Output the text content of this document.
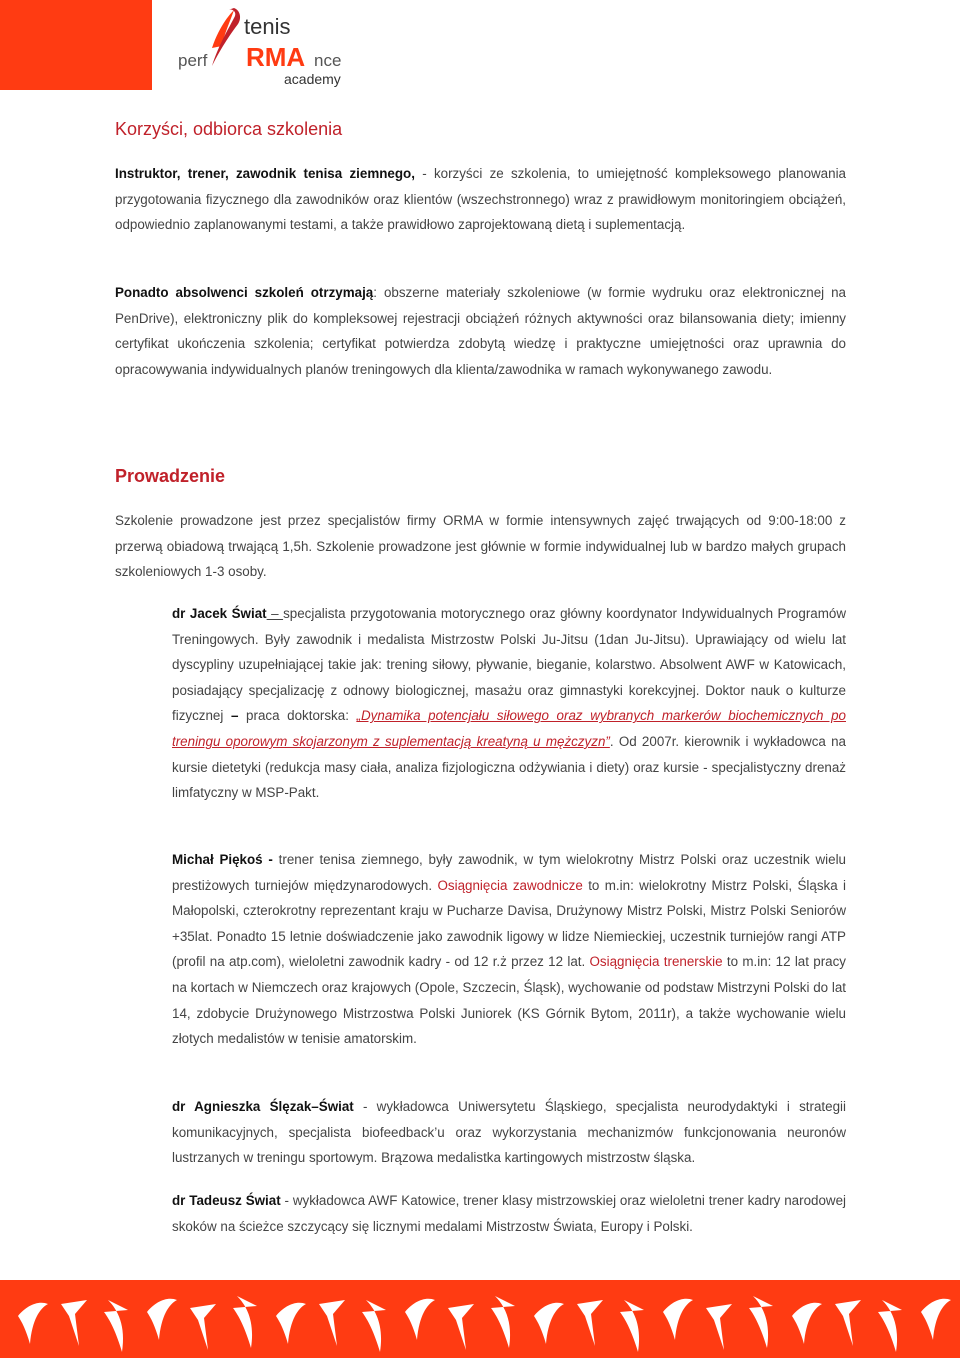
tenis
perf RMA nce
academy
Korzyści, odbiorca szkolenia

Instruktor, trener, zawodnik tenisa ziemnego, - korzyści ze szkolenia, to umiejętność kompleksowego planowania przygotowania fizycznego dla zawodników oraz klientów (wszechstronnego) wraz z prawidłowym monitoringiem obciążeń, odpowiednio zaplanowanymi testami, a także prawidłowo zaprojektowaną dietą i suplementacją.

Ponadto absolwenci szkoleń otrzymają: obszerne materiały szkoleniowe (w formie wydruku oraz elektronicznej na PenDrive), elektroniczny plik do kompleksowej rejestracji obciążeń różnych aktywności oraz bilansowania diety; imienny certyfikat ukończenia szkolenia; certyfikat potwierdza zdobytą wiedzę i praktyczne umiejętności oraz uprawnia do opracowywania indywidualnych planów treningowych dla klienta/zawodnika w ramach wykonywanego zawodu.

Prowadzenie

Szkolenie prowadzone jest przez specjalistów firmy ORMA w formie intensywnych zajęć trwających od 9:00-18:00 z przerwą obiadową trwającą 1,5h. Szkolenie prowadzone jest głównie w formie indywidualnej lub w bardzo małych grupach szkoleniowych 1-3 osoby.

dr Jacek Świat – specjalista przygotowania motorycznego oraz główny koordynator Indywidualnych Programów Treningowych. Były zawodnik i medalista Mistrzostw Polski Ju-Jitsu (1dan Ju-Jitsu). Uprawiający od wielu lat dyscypliny uzupełniającej takie jak: trening siłowy, pływanie, bieganie, kolarstwo. Absolwent AWF w Katowicach, posiadający specjalizację z odnowy biologicznej, masażu oraz gimnastyki korekcyjnej. Doktor nauk o kulturze fizycznej – praca doktorska: „Dynamika potencjału siłowego oraz wybranych markerów biochemicznych po treningu oporowym skojarzonym z suplementacją kreatyną u mężczyzn”. Od 2007r. kierownik i wykładowca na kursie dietetyki (redukcja masy ciała, analiza fizjologiczna odżywiania i diety) oraz kursie - specjalistyczny drenaż limfatyczny w MSP-Pakt.

Michał Piękoś - trener tenisa ziemnego, były zawodnik, w tym wielokrotny Mistrz Polski oraz uczestnik wielu prestiżowych turniejów międzynarodowych. Osiągnięcia zawodnicze to m.in: wielokrotny Mistrz Polski, Śląska i Małopolski, czterokrotny reprezentant kraju w Pucharze Davisa, Drużynowy Mistrz Polski, Mistrz Polski Seniorów +35lat. Ponadto 15 letnie doświadczenie jako zawodnik ligowy w lidze Niemieckiej, uczestnik turniejów rangi ATP (profil na atp.com), wieloletni zawodnik kadry - od 12 r.ż przez 12 lat. Osiągnięcia trenerskie to m.in: 12 lat pracy na kortach w Niemczech oraz krajowych (Opole, Szczecin, Śląsk), wychowanie od podstaw Mistrzyni Polski do lat 14, zdobycie Drużynowego Mistrzostwa Polski Juniorek (KS Górnik Bytom, 2011r), a także wychowanie wielu złotych medalistów w tenisie amatorskim.

dr Agnieszka Ślęzak–Świat - wykładowca Uniwersytetu Śląskiego, specjalista neurodydaktyki i strategii komunikacyjnych, specjalista biofeedback’u oraz wykorzystania mechanizmów funkcjonowania neuronów lustrzanych w treningu sportowym. Brązowa medalistka kartingowych mistrzostw śląska.

dr Tadeusz Świat - wykładowca AWF Katowice, trener klasy mistrzowskiej oraz wieloletni trener kadry narodowej skoków na ścieżce szczycący się licznymi medalami Mistrzostw Świata, Europy i Polski.
